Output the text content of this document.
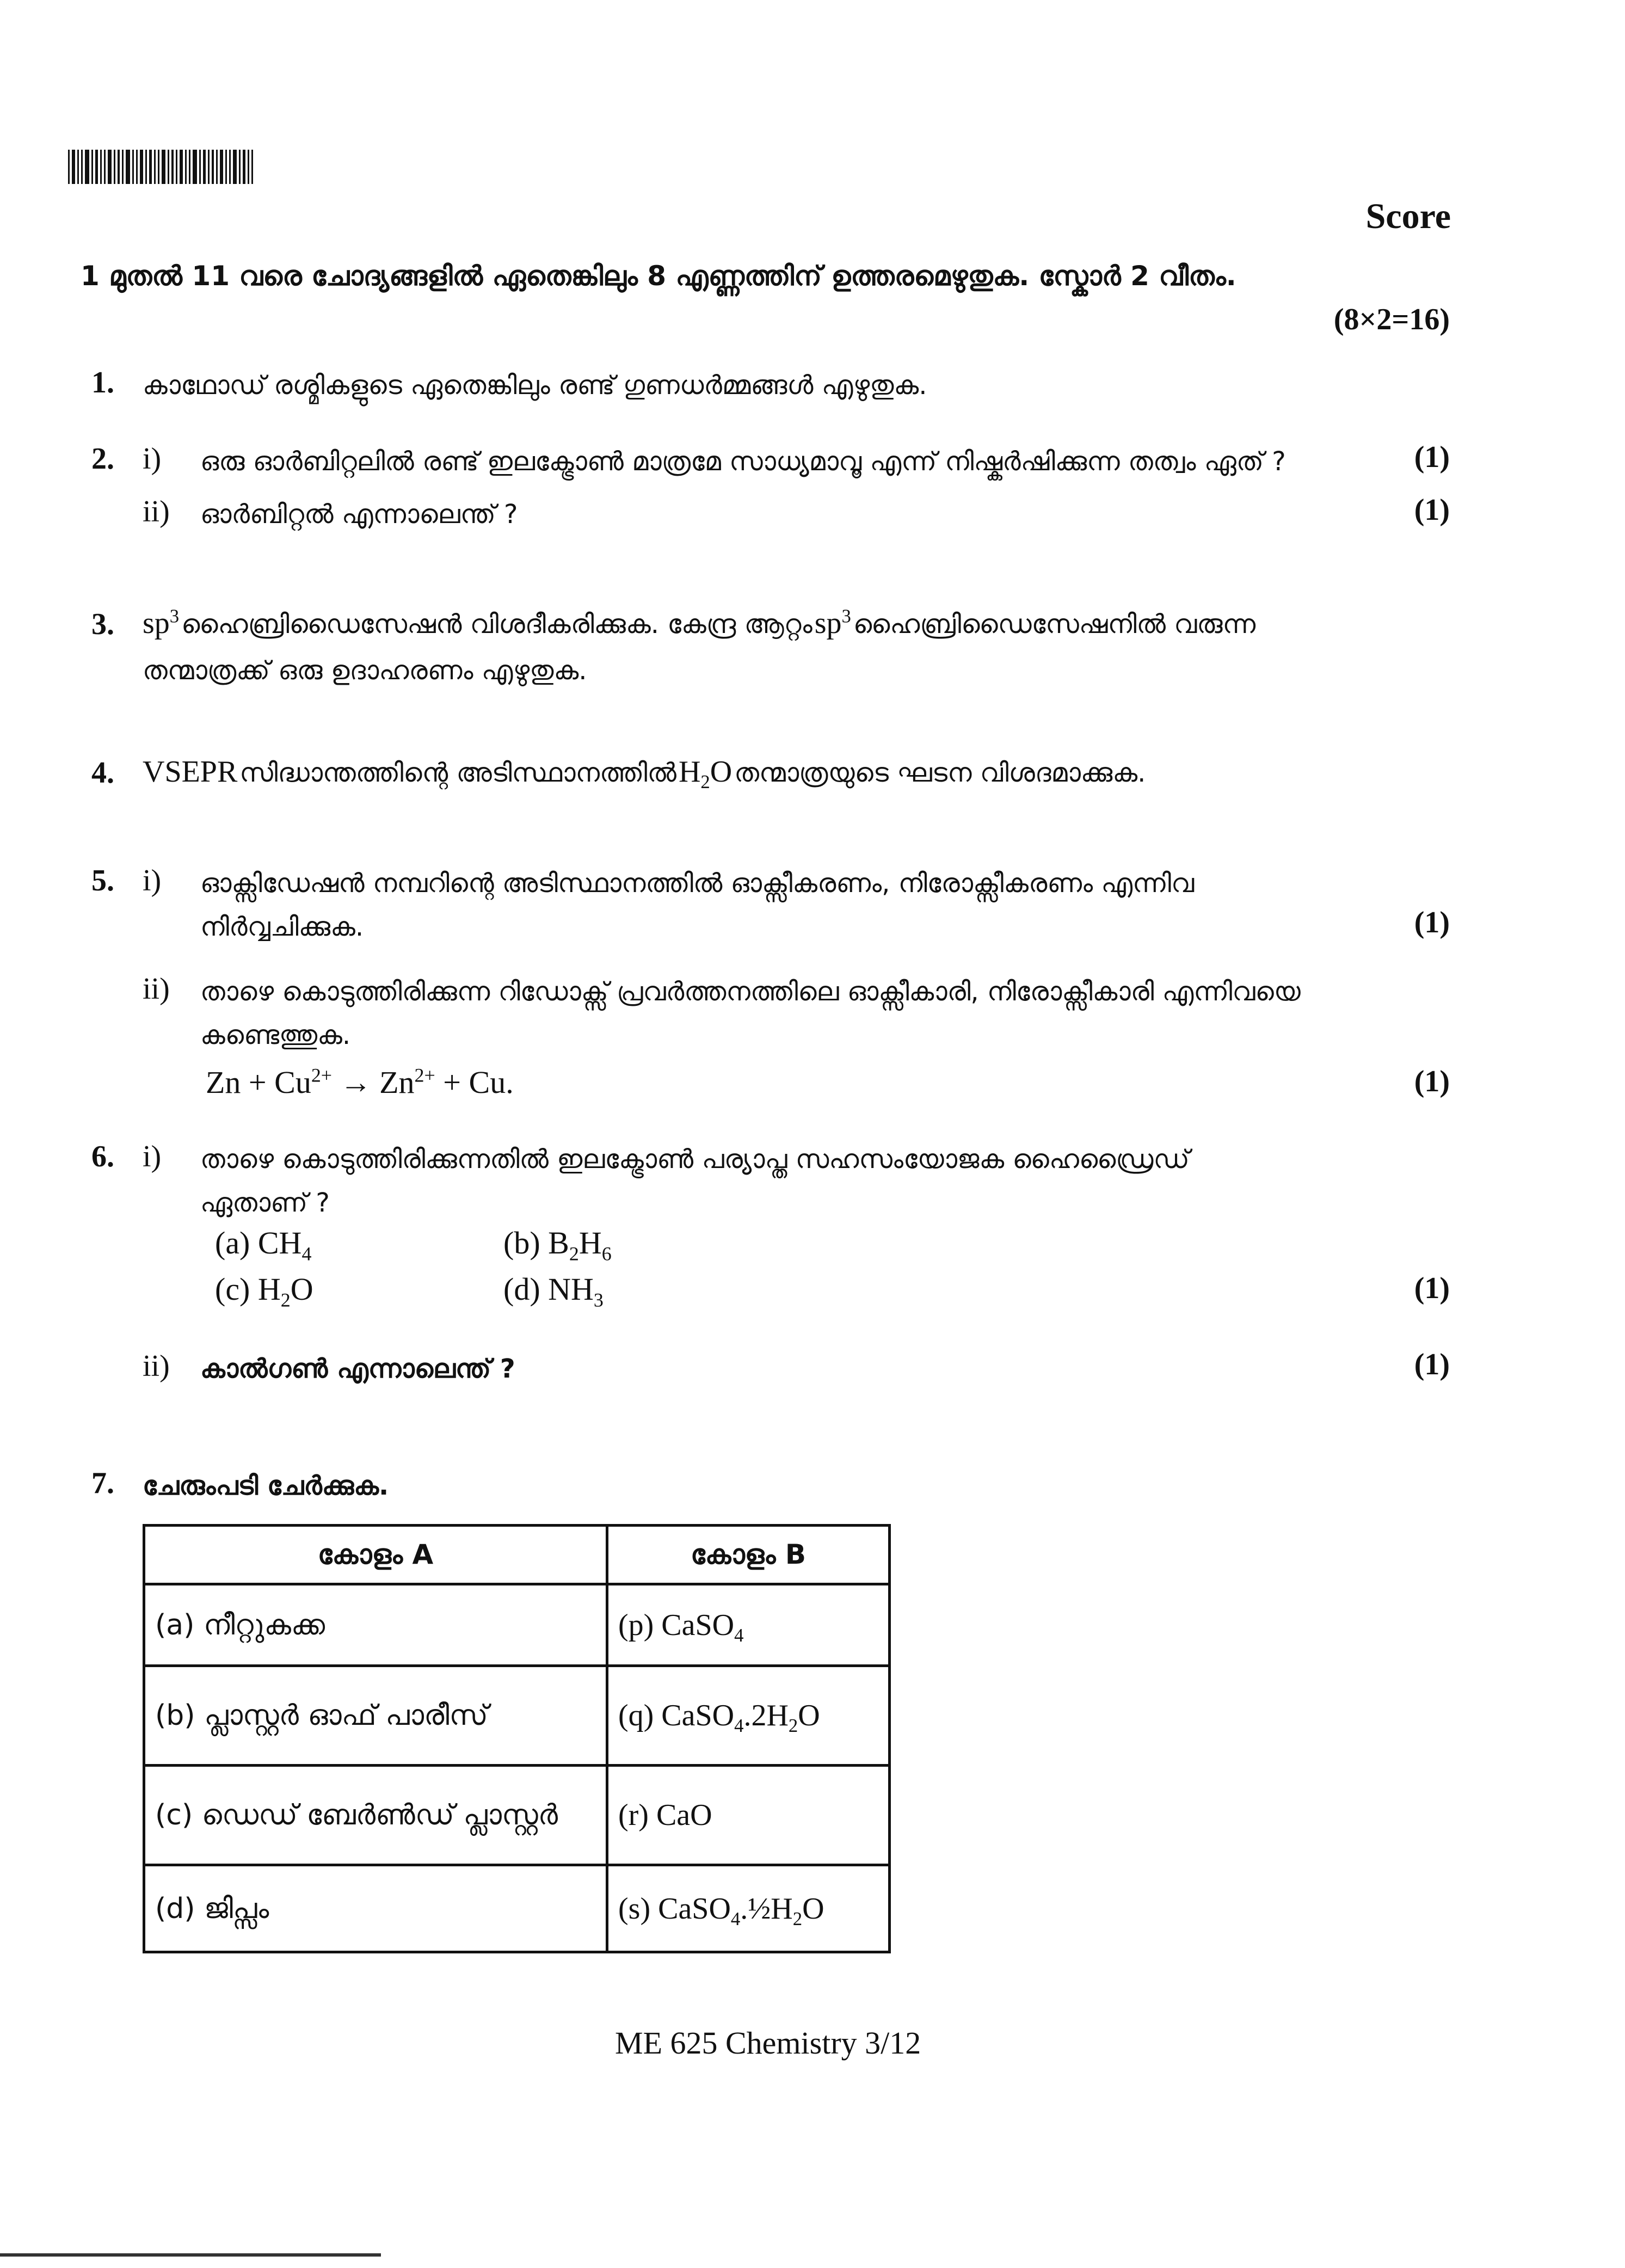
Score
1 മുതൽ 11 വരെ ചോദ്യങ്ങളിൽ ഏതെങ്കിലും 8 എണ്ണത്തിന് ഉത്തരമെഴുതുക. സ്കോർ 2 വീതം.
(8×2=16)
1. കാഥോഡ് രശ്മികളുടെ ഏതെങ്കിലും രണ്ട് ഗുണധർമ്മങ്ങൾ എഴുതുക.
2. i) ഒരു ഓർബിറ്റലിൽ രണ്ട് ഇലക്ട്രോൺ മാത്രമേ സാധ്യമാവൂ എന്ന് നിഷ്കർഷിക്കുന്ന തത്വം ഏത് ?	(1)
ii) ഓർബിറ്റൽ എന്നാലെന്ത് ?	(1)
3. $sp^3$ ഹൈബ്രിഡൈസേഷൻ വിശദീകരിക്കുക. കേന്ദ്ര ആറ്റം $sp^3$ ഹൈബ്രിഡൈസേഷനിൽ വരുന്ന
തന്മാത്രക്ക് ഒരു ഉദാഹരണം എഴുതുക.
4. VSEPR സിദ്ധാന്തത്തിന്റെ അടിസ്ഥാനത്തിൽ $H_2O$ തന്മാത്രയുടെ ഘടന വിശദമാക്കുക.
5. i) ഓക്സിഡേഷൻ നമ്പറിന്റെ അടിസ്ഥാനത്തിൽ ഓക്സീകരണം, നിരോക്സീകരണം എന്നിവ
നിർവ്വചിക്കുക.	(1)
ii) താഴെ കൊടുത്തിരിക്കുന്ന റിഡോക്സ് പ്രവർത്തനത്തിലെ ഓക്സീകാരി, നിരോക്സീകാരി എന്നിവയെ
കണ്ടെത്തുക.
$Zn + Cu^{2+} \to Zn^{2+} + Cu$.	(1)
6. i) താഴെ കൊടുത്തിരിക്കുന്നതിൽ ഇലക്ട്രോൺ പര്യാപ്ത സഹസംയോജക ഹൈഡ്രൈഡ്
ഏതാണ് ?
(a) $CH_4$	(b) $B_2H_6$
(c) $H_2O$	(d) $NH_3$	(1)
ii) കാൽഗൺ എന്നാലെന്ത് ?	(1)
7. ചേരുംപടി ചേർക്കുക.
കോളം A	കോളം B
(a) നീറ്റുകക്ക	(p) CaSO$_4$
(b) പ്ലാസ്റ്റർ ഓഫ് പാരീസ്	(q) $CaSO_4.2H_2O$
(c) ഡെഡ് ബേർൺഡ് പ്ലാസ്റ്റർ	(r) CaO
(d) ജിപ്സം	(s) $CaSO_4.\frac{1}{2}H_2O$
ME 625 Chemistry 3/12
